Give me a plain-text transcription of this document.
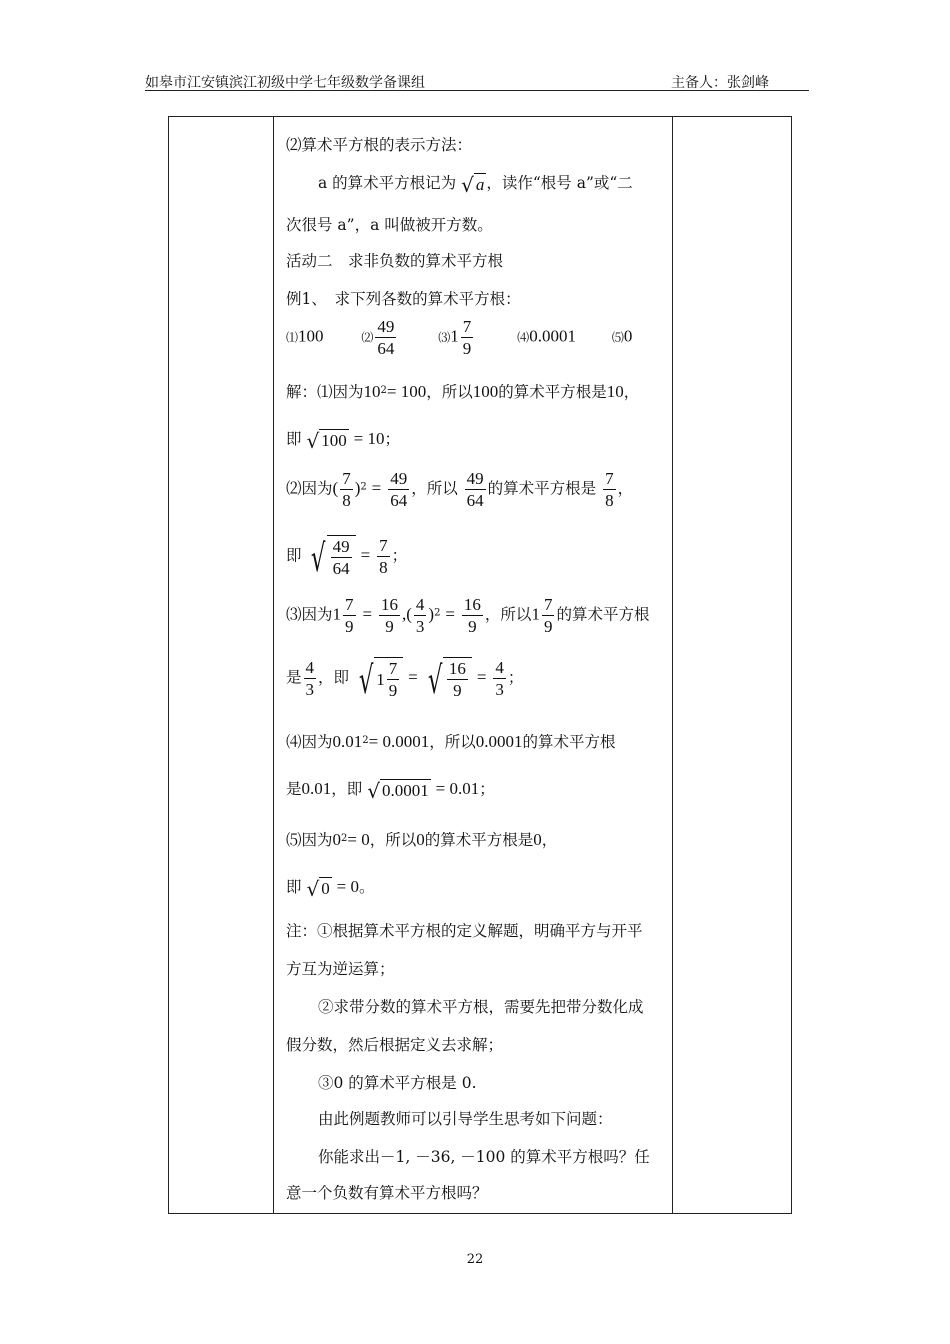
如皋市江安镇滨江初级中学七年级数学备课组	主备人：张剑峰

⑵算术平方根的表示方法：
a 的算术平方根记为 √ a ，读作“根号 a”或“二
次很号 a”，a 叫做被开方数。
活动二　求非负数的算术平方根
例1、　求下列各数的算术平方根：
⑴100	⑵ $\frac{49}{64}$	⑶1 $\frac{7}{9}$	⑷0.0001	⑸0
解：⑴因为$10^2= 100$，所以100的算术平方根是10，
即 √ 100 = 10；
⑵因为( $\frac{7}{8} )^2 = \frac{49}{64}$ ，所以 $\frac{49}{64}$ 的算术平方根是 $\frac{7}{8}$ ，
即 √ $\frac{49}{64} = \frac{7}{8}$ ；
⑶因为$1 \frac{7}{9} = \frac{16}{9}$ ,( $\frac{4}{3} )^2 = \frac{16}{9}$ ，所以$1 \frac{7}{9}$ 的算术平方根
是 $\frac{4}{3}$ ，即 √ $1 \frac{7}{9}$ = √ $\frac{16}{9} = \frac{4}{3}$ ；
⑷因为$0.01^2= 0.0001$，所以0.0001的算术平方根
是0.01，即 √ 0.0001 = 0.01；
⑸因为$0^2= 0$，所以0的算术平方根是0，
即 √ 0 = 0。
注：①根据算术平方根的定义解题，明确平方与开平
方互为逆运算；
②求带分数的算术平方根，需要先把带分数化成
假分数，然后根据定义去求解；
③0 的算术平方根是 0.
由此例题教师可以引导学生思考如下问题：
你能求出－1, －36, －100 的算术平方根吗？任
意一个负数有算术平方根吗？

22
